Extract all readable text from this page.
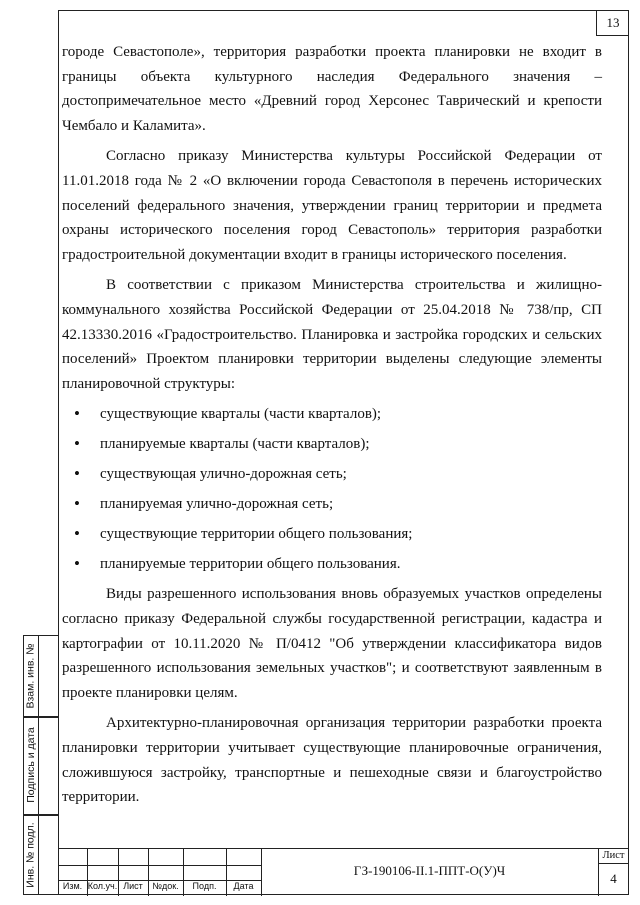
13

городе Севастополе», территория разработки проекта планировки не входит в границы объекта культурного наследия Федерального значения – достопримечательное место «Древний город Херсонес Таврический и крепости Чембало и Каламита».

Согласно приказу Министерства культуры Российской Федерации от 11.01.2018 года № 2 «О включении города Севастополя в перечень исторических поселений федерального значения, утверждении границ территории и предмета охраны исторического поселения город Севастополь» территория разработки градостроительной документации входит в границы исторического поселения.

В соответствии с приказом Министерства строительства и жилищно-коммунального хозяйства Российской Федерации от 25.04.2018 № 738/пр, СП 42.13330.2016 «Градостроительство. Планировка и застройка городских и сельских поселений» Проектом планировки территории выделены следующие элементы планировочной структуры:

• существующие кварталы (части кварталов);
• планируемые кварталы (части кварталов);
• существующая улично-дорожная сеть;
• планируемая улично-дорожная сеть;
• существующие территории общего пользования;
• планируемые территории общего пользования.

Виды разрешенного использования вновь образуемых участков определены согласно приказу Федеральной службы государственной регистрации, кадастра и картографии от 10.11.2020 № П/0412 "Об утверждении классификатора видов разрешенного использования земельных участков"; и соответствуют заявленным в проекте планировки целям.

Архитектурно-планировочная организация территории разработки проекта планировки территории учитывает существующие планировочные ограничения, сложившуюся застройку, транспортные и пешеходные связи и благоустройство территории.

Взам. инв. №
Подпись и дата
Инв. № подл.	Изм. Кол.уч. Лист	№док.	Подп.	Дата
ГЗ-190106-II.1-ППТ-О(У)Ч
Лист
4
